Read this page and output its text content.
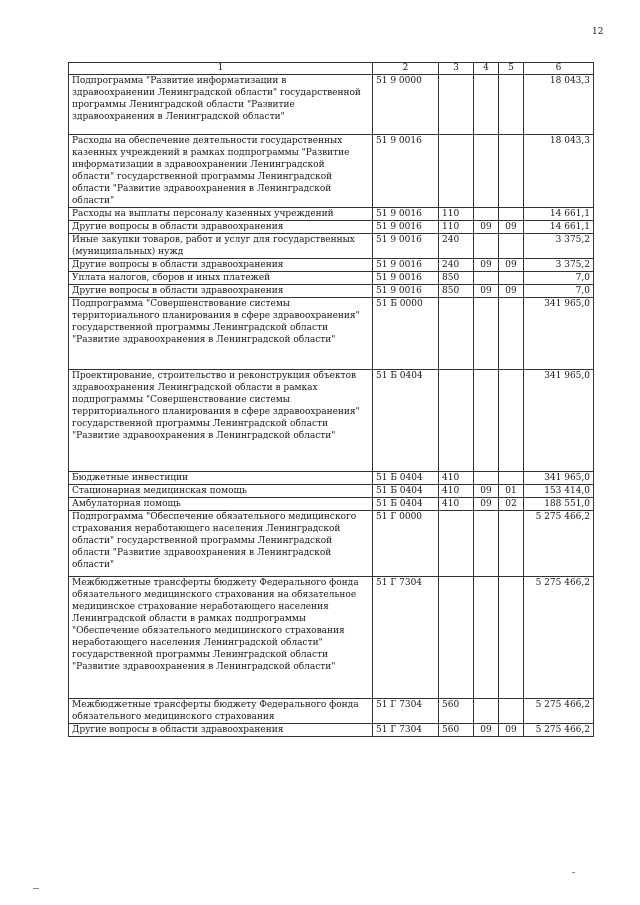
12
1	2	3	4	5	6
Подпрограмма "Развитие информатизации в здравоохранении Ленинградской области" государственной программы Ленинградской области "Развитие здравоохранения в Ленинградской области"	51 9 0000				18 043,3
Расходы на обеспечение деятельности государственных казенных учреждений в рамках подпрограммы "Развитие информатизации в здравоохранении Ленинградской области" государственной программы Ленинградской области "Развитие здравоохранения в Ленинградской области"	51 9 0016				18 043,3
Расходы на выплаты персоналу казенных учреждений	51 9 0016	110			14 661,1
Другие вопросы в области здравоохранения	51 9 0016	110	09	09	14 661,1
Иные закупки товаров, работ и услуг для государственных (муниципальных) нужд	51 9 0016	240			3 375,2
Другие вопросы в области здравоохранения	51 9 0016	240	09	09	3 375,2
Уплата налогов, сборов и иных платежей	51 9 0016	850			7,0
Другие вопросы в области здравоохранения	51 9 0016	850	09	09	7,0
Подпрограмма "Совершенствование системы территориального планирования в сфере здравоохранения" государственной программы Ленинградской области "Развитие здравоохранения в Ленинградской области"	51 Б 0000				341 965,0
Проектирование, строительство и реконструкция объектов здравоохранения Ленинградской области в рамках подпрограммы "Совершенствование системы территориального планирования в сфере здравоохранения" государственной программы Ленинградской области "Развитие здравоохранения в Ленинградской области"	51 Б 0404				341 965,0
Бюджетные инвестиции	51 Б 0404	410			341 965,0
Стационарная медицинская помощь	51 Б 0404	410	09	01	153 414,0
Амбулаторная помощь	51 Б 0404	410	09	02	188 551,0
Подпрограмма "Обеспечение обязательного медицинского страхования неработающего населения Ленинградской области" государственной программы Ленинградской области "Развитие здравоохранения в Ленинградской области"	51 Г 0000				5 275 466,2
Межбюджетные трансферты бюджету Федерального фонда обязательного медицинского страхования на обязательное медицинское страхование неработающего населения Ленинградской области в рамках подпрограммы "Обеспечение обязательного медицинского страхования неработающего населения Ленинградской области" государственной программы Ленинградской области "Развитие здравоохранения в Ленинградской области"	51 Г 7304				5 275 466,2
Межбюджетные трансферты бюджету Федерального фонда обязательного медицинского страхования	51 Г 7304	560			5 275 466,2
Другие вопросы в области здравоохранения	51 Г 7304	560	09	09	5 275 466,2
